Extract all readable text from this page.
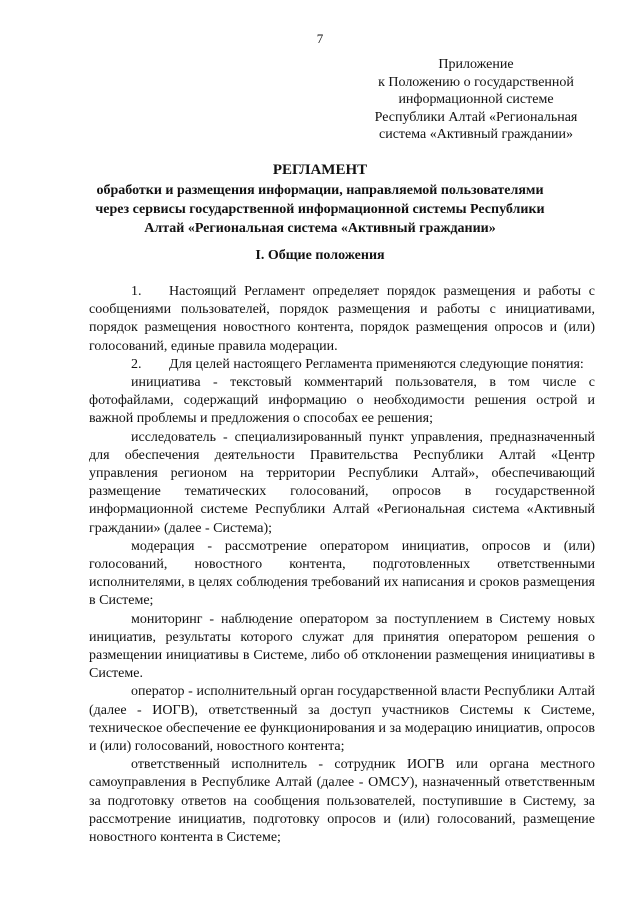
7
Приложение
к Положению о государственной
информационной системе
Республики Алтай «Региональная
система «Активный граждании»
РЕГЛАМЕНТ
обработки и размещения информации, направляемой пользователями
через сервисы государственной информационной системы Республики
Алтай «Региональная система «Активный граждании»
I. Общие положения

1. Настоящий Регламент определяет порядок размещения и работы с сообщениями пользователей, порядок размещения и работы с инициативами, порядок размещения новостного контента, порядок размещения опросов и (или) голосований, единые правила модерации.

2. Для целей настоящего Регламента применяются следующие понятия:

инициатива - текстовый комментарий пользователя, в том числе с фотофайлами, содержащий информацию о необходимости решения острой и важной проблемы и предложения о способах ее решения;

исследователь - специализированный пункт управления, предназначенный для обеспечения деятельности Правительства Республики Алтай «Центр управления регионом на территории Республики Алтай», обеспечивающий размещение тематических голосований, опросов в государственной информационной системе Республики Алтай «Региональная система «Активный граждании» (далее - Система);

модерация - рассмотрение оператором инициатив, опросов и (или) голосований, новостного контента, подготовленных ответственными исполнителями, в целях соблюдения требований их написания и сроков размещения в Системе;

мониторинг - наблюдение оператором за поступлением в Систему новых инициатив, результаты которого служат для принятия оператором решения о размещении инициативы в Системе, либо об отклонении размещения инициативы в Системе.

оператор - исполнительный орган государственной власти Республики Алтай (далее - ИОГВ), ответственный за доступ участников Системы к Системе, техническое обеспечение ее функционирования и за модерацию инициатив, опросов и (или) голосований, новостного контента;

ответственный исполнитель - сотрудник ИОГВ или органа местного самоуправления в Республике Алтай (далее - ОМСУ), назначенный ответственным за подготовку ответов на сообщения пользователей, поступившие в Систему, за рассмотрение инициатив, подготовку опросов и (или) голосований, размещение новостного контента в Системе;
